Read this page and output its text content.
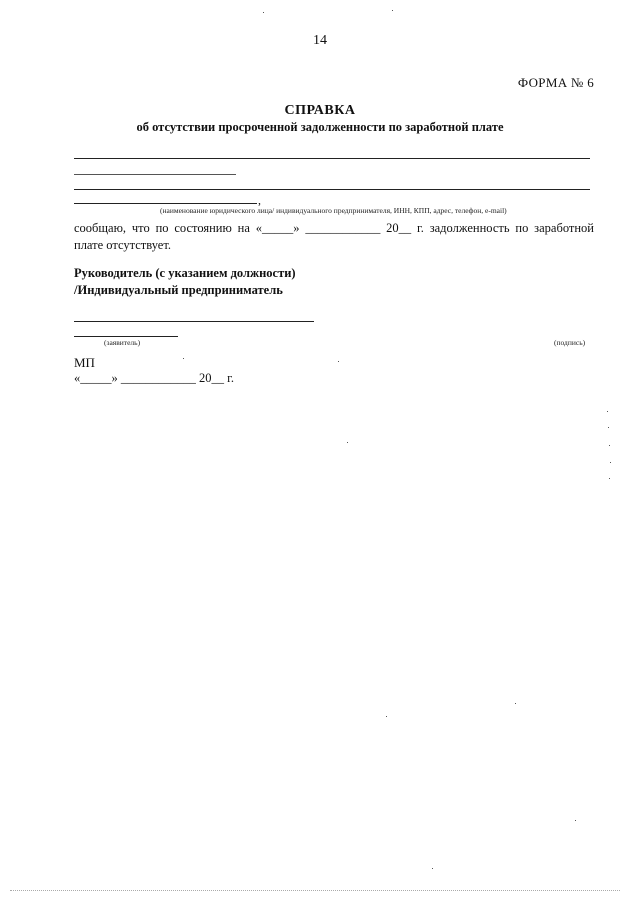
14
ФОРМА № 6
СПРАВКА
об отсутствии просроченной задолженности по заработной плате
,
(наименование юридического лица/ индивидуального предпринимателя, ИНН, КПП, адрес, телефон, e-mail)
сообщаю, что по состоянию на «_____» ____________ 20__ г. задолженность по заработной плате отсутствует.
Руководитель (с указанием должности)
/Индивидуальный предприниматель
(заявитель)	(подпись)
МП
«_____» ____________ 20__ г.
